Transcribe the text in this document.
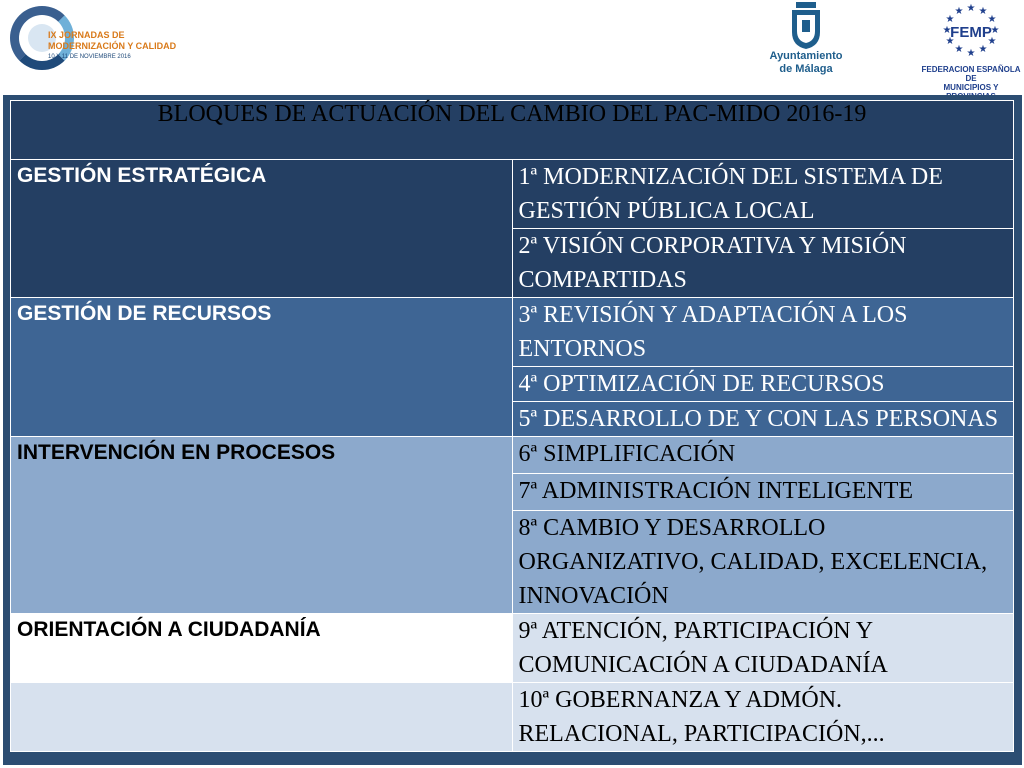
IX JORNADAS DE
MODERNIZACIÓN Y CALIDAD
10 Y 11 DE NOVIEMBRE 2016	Ayuntamiento
de Málaga
★ ★
★
★
★
★
★
★
★
★
★ ★
FEMP
FEDERACION ESPAÑOLA DE
MUNICIPIOS Y
BLOQUES DE ACTUACIÓN DEL CAMBIO DEL PAC-MIDO 2016-19	
GESTIÓN ESTRATÉGICA	1ª MODERNIZACIÓN DEL SISTEMA DE GESTIÓN PÚBLICA LOCAL
	2ª VISIÓN CORPORATIVA Y MISIÓN COMPARTIDAS
GESTIÓN DE RECURSOS	3ª REVISIÓN Y ADAPTACIÓN A LOS ENTORNOS
	4ª OPTIMIZACIÓN DE RECURSOS
	5ª DESARROLLO DE Y CON LAS PERSONAS
INTERVENCIÓN EN PROCESOS	6ª SIMPLIFICACIÓN
	7ª ADMINISTRACIÓN INTELIGENTE
	8ª CAMBIO Y DESARROLLO ORGANIZATIVO, CALIDAD, EXCELENCIA, INNOVACIÓN
ORIENTACIÓN A CIUDADANÍA	9ª ATENCIÓN, PARTICIPACIÓN Y COMUNICACIÓN A CIUDADANÍA
	10ª GOBERNANZA Y ADMÓN. RELACIONAL, PARTICIPACIÓN,...
